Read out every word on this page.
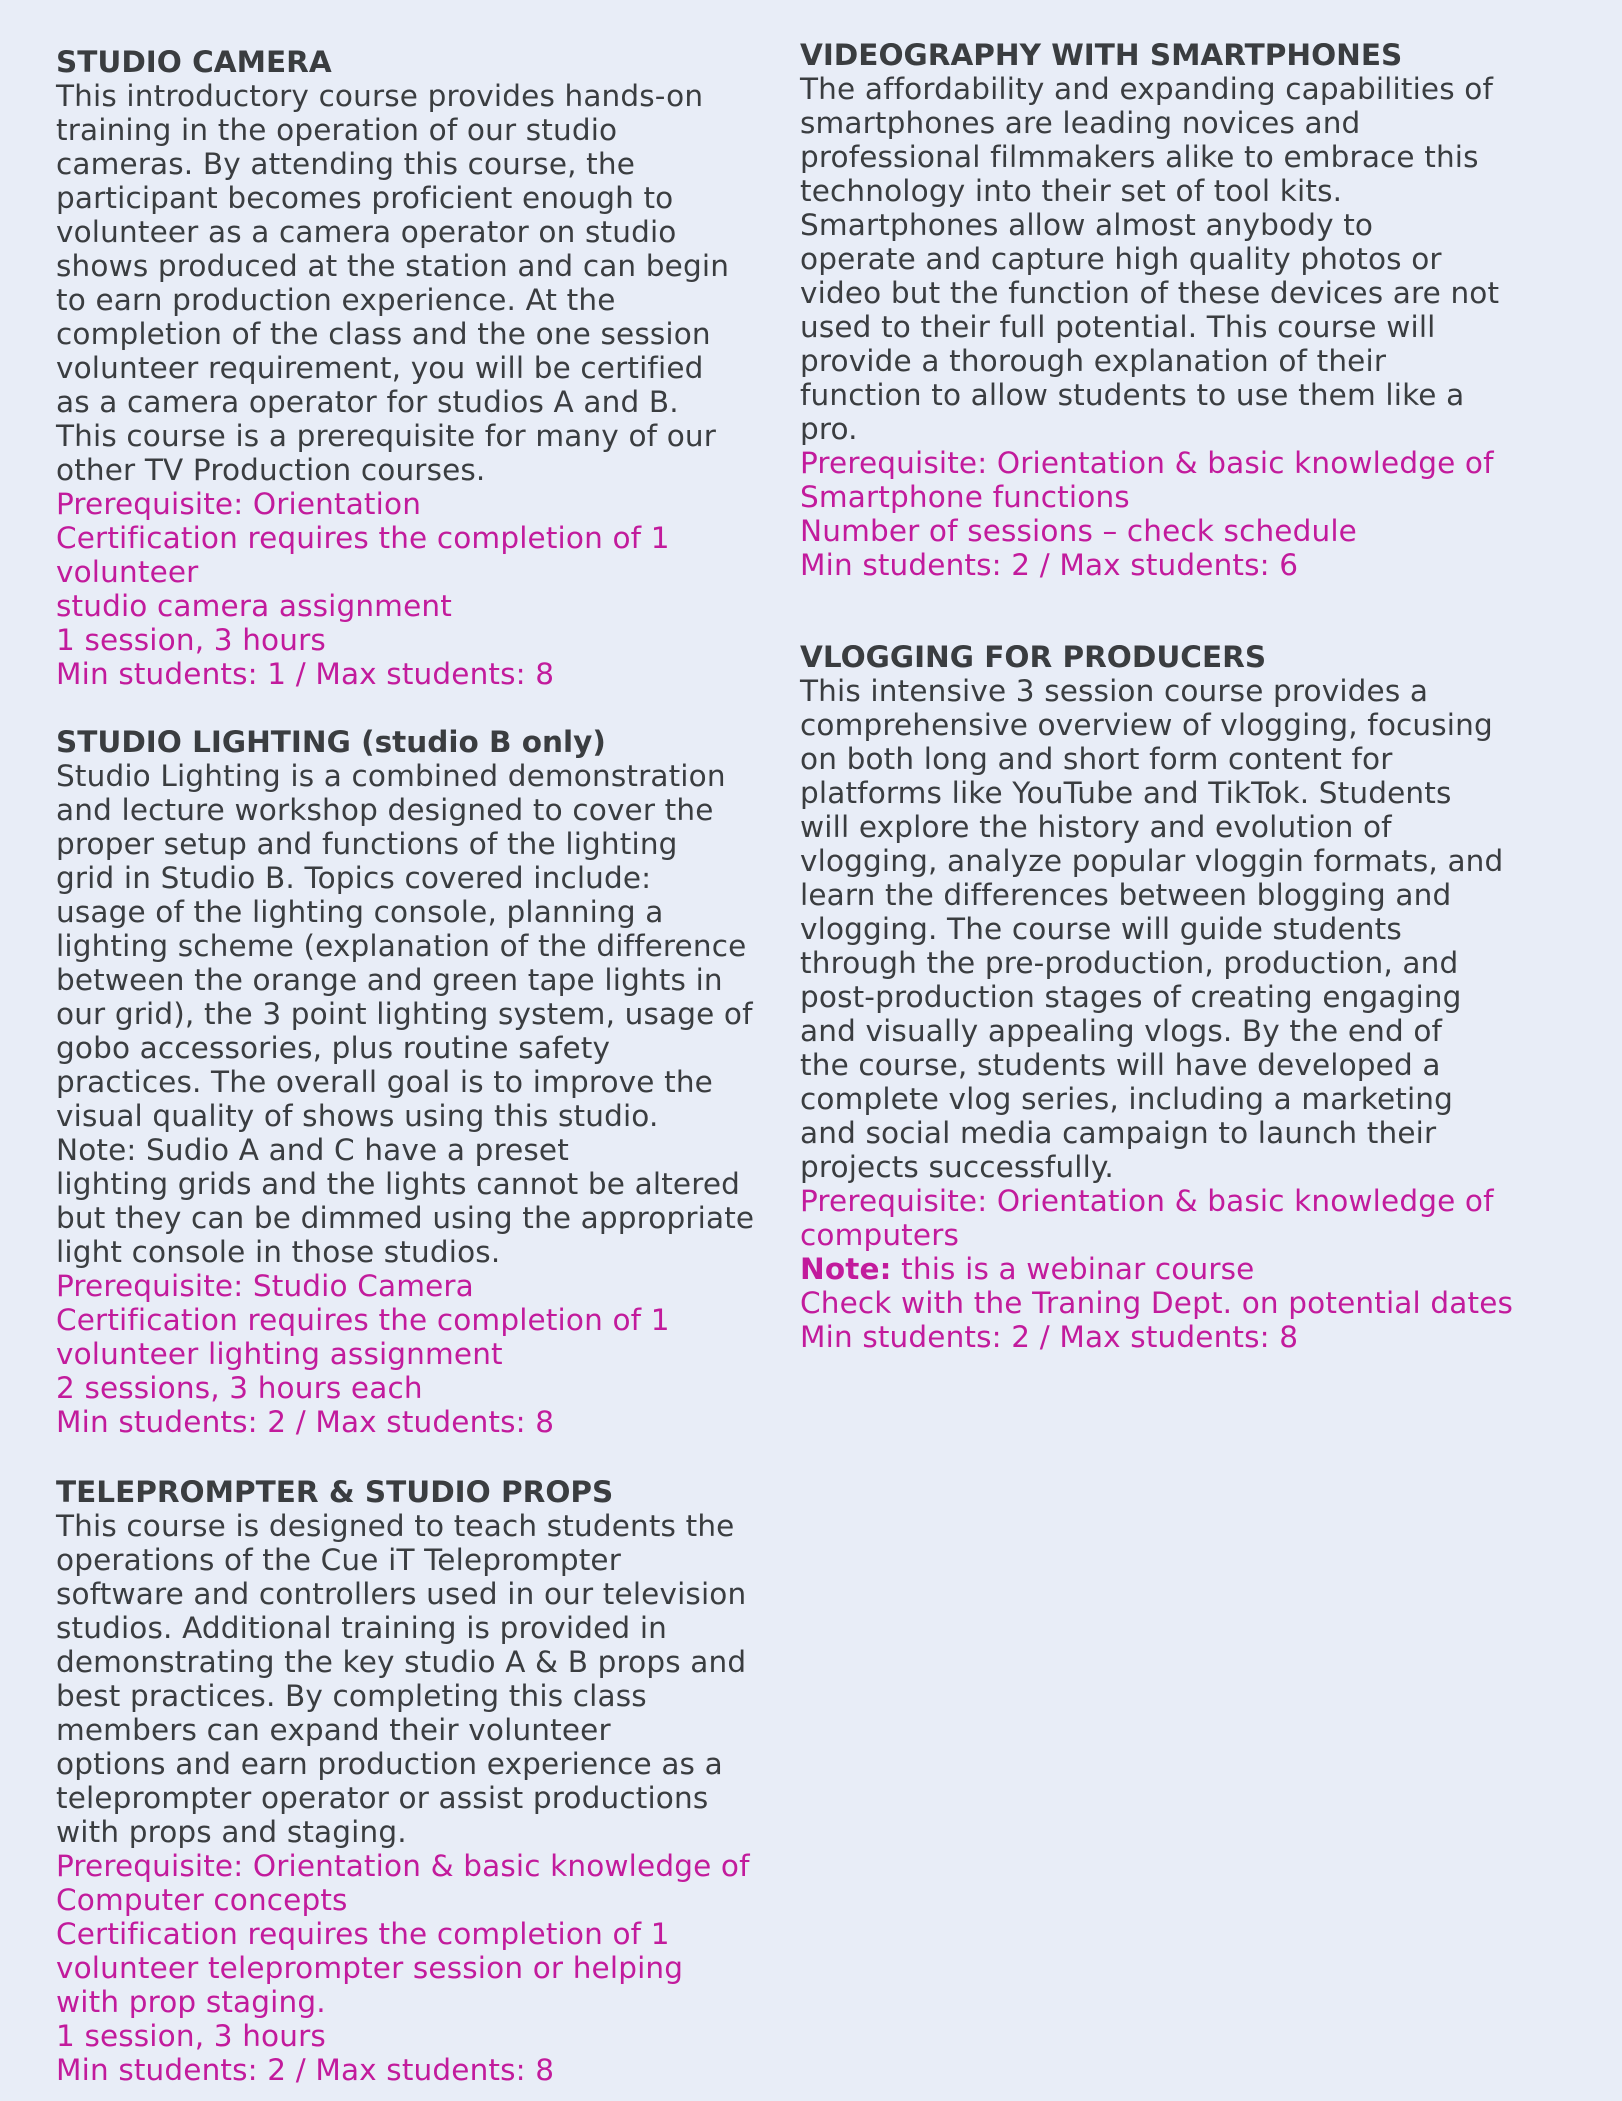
STUDIO CAMERA
This introductory course provides hands-on
training in the operation of our studio
cameras. By attending this course, the
participant becomes proficient enough to
volunteer as a camera operator on studio
shows produced at the station and can begin
to earn production experience. At the
completion of the class and the one session
volunteer requirement, you will be certified
as a camera operator for studios A and B.
This course is a prerequisite for many of our
other TV Production courses.
Prerequisite: Orientation
Certification requires the completion of 1
volunteer
studio camera assignment
1 session, 3 hours
Min students: 1 / Max students: 8
STUDIO LIGHTING (studio B only)
Studio Lighting is a combined demonstration
and lecture workshop designed to cover the
proper setup and functions of the lighting
grid in Studio B. Topics covered include:
usage of the lighting console, planning a
lighting scheme (explanation of the difference
between the orange and green tape lights in
our grid), the 3 point lighting system, usage of
gobo accessories, plus routine safety
practices. The overall goal is to improve the
visual quality of shows using this studio.
Note: Sudio A and C have a preset
lighting grids and the lights cannot be altered
but they can be dimmed using the appropriate
light console in those studios.
Prerequisite: Studio Camera
Certification requires the completion of 1
volunteer lighting assignment
2 sessions, 3 hours each
Min students: 2 / Max students: 8
TELEPROMPTER & STUDIO PROPS
This course is designed to teach students the
operations of the Cue iT Teleprompter
software and controllers used in our television
studios. Additional training is provided in
demonstrating the key studio A & B props and
best practices. By completing this class
members can expand their volunteer
options and earn production experience as a
teleprompter operator or assist productions
with props and staging.
Prerequisite: Orientation & basic knowledge of
Computer concepts
Certification requires the completion of 1
volunteer teleprompter session or helping
with prop staging.
1 session, 3 hours
Min students: 2 / Max students: 8
VIDEOGRAPHY WITH SMARTPHONES
The affordability and expanding capabilities of
smartphones are leading novices and
professional filmmakers alike to embrace this
technology into their set of tool kits.
Smartphones allow almost anybody to
operate and capture high quality photos or
video but the function of these devices are not
used to their full potential. This course will
provide a thorough explanation of their
function to allow students to use them like a
pro.
Prerequisite: Orientation & basic knowledge of
Smartphone functions
Number of sessions – check schedule
Min students: 2 / Max students: 6
VLOGGING FOR PRODUCERS
This intensive 3 session course provides a
comprehensive overview of vlogging, focusing
on both long and short form content for
platforms like YouTube and TikTok. Students
will explore the history and evolution of
vlogging, analyze popular vloggin formats, and
learn the differences between blogging and
vlogging. The course will guide students
through the pre-production, production, and
post-production stages of creating engaging
and visually appealing vlogs. By the end of
the course, students will have developed a
complete vlog series, including a marketing
and social media campaign to launch their
projects successfully.
Prerequisite: Orientation & basic knowledge of
computers
Note: this is a webinar course
Check with the Traning Dept. on potential dates
Min students: 2 / Max students: 8
